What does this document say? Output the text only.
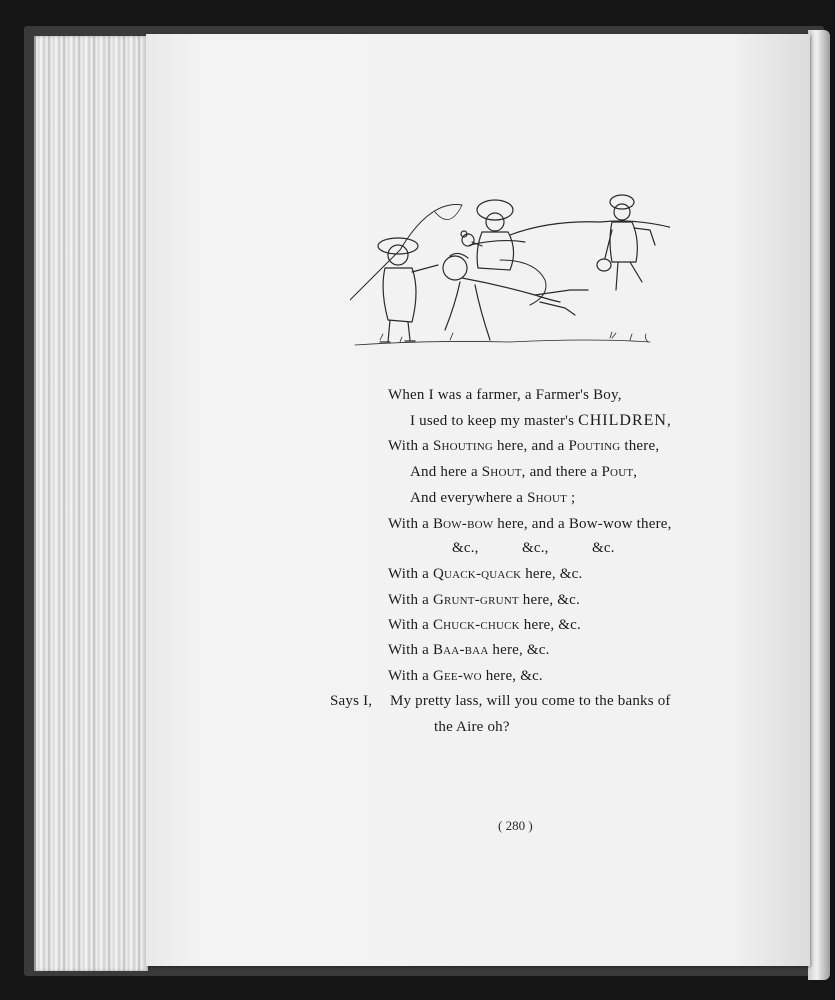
When I was a farmer, a Farmer's Boy,
I used to keep my master's CHILDREN,
With a Shouting here, and a Pouting there,
And here a Shout, and there a Pout,
And everywhere a Shout ;
With a Bow-bow here, and a Bow-wow there,
&c.,	&c.,	&c.
With a Quack-quack here, &c.
With a Grunt-grunt here, &c.
With a Chuck-chuck here, &c.
With a Baa-baa here, &c.
With a Gee-wo here, &c.
Says I, My pretty lass, will you come to the banks of
the Aire oh?
( 280 )
